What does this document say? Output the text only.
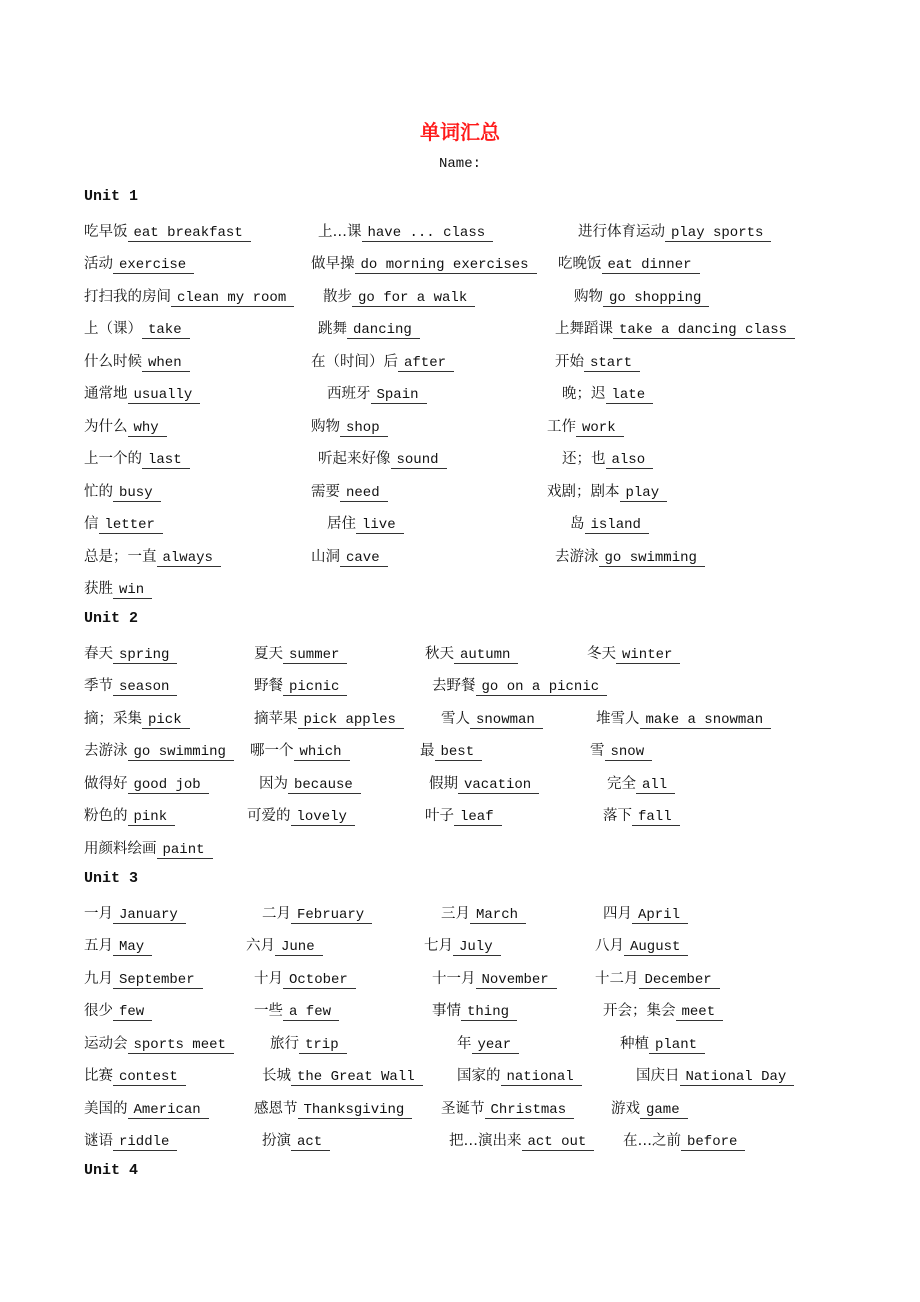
单词汇总
Name:
Unit 1
吃早饭 eat breakfast	上…课 have ... class	进行体育运动 play sports
活动 exercise	做早操 do morning exercises	吃晚饭 eat dinner
打扫我的房间 clean my room	散步 go for a walk	购物 go shopping
上（课） take	跳舞 dancing	上舞蹈课 take a dancing class
什么时候 when	在（时间）后 after	开始 start
通常地 usually	西班牙 Spain	晚；迟 late
为什么 why	购物 shop	工作 work
上一个的 last	听起来好像 sound	还；也 also
忙的 busy	需要 need	戏剧；剧本 play
信 letter	居住 live	岛 island
总是；一直 always	山洞 cave	去游泳 go swimming
获胜 win
Unit 2
春天 spring	夏天 summer	秋天 autumn	冬天 winter
季节 season	野餐 picnic	去野餐 go on a picnic
摘；采集 pick	摘苹果 pick apples	雪人 snowman	堆雪人 make a snowman
去游泳 go swimming	哪一个 which	最 best	雪 snow
做得好 good job	因为 because	假期 vacation	完全 all
粉色的 pink	可爱的 lovely	叶子 leaf	落下 fall
用颜料绘画 paint
Unit 3
一月 January	二月 February	三月 March	四月 April
五月 May	六月 June	七月 July	八月 August
九月 September	十月 October	十一月 November	十二月 December
很少 few	一些 a few	事情 thing	开会；集会 meet
运动会 sports meet	旅行 trip	年 year	种植 plant
比赛 contest	长城 the Great Wall	国家的 national	国庆日 National Day
美国的 American	感恩节 Thanksgiving	圣诞节 Christmas	游戏 game
谜语 riddle	扮演 act	把…演出来 act out	在…之前 before
Unit 4
